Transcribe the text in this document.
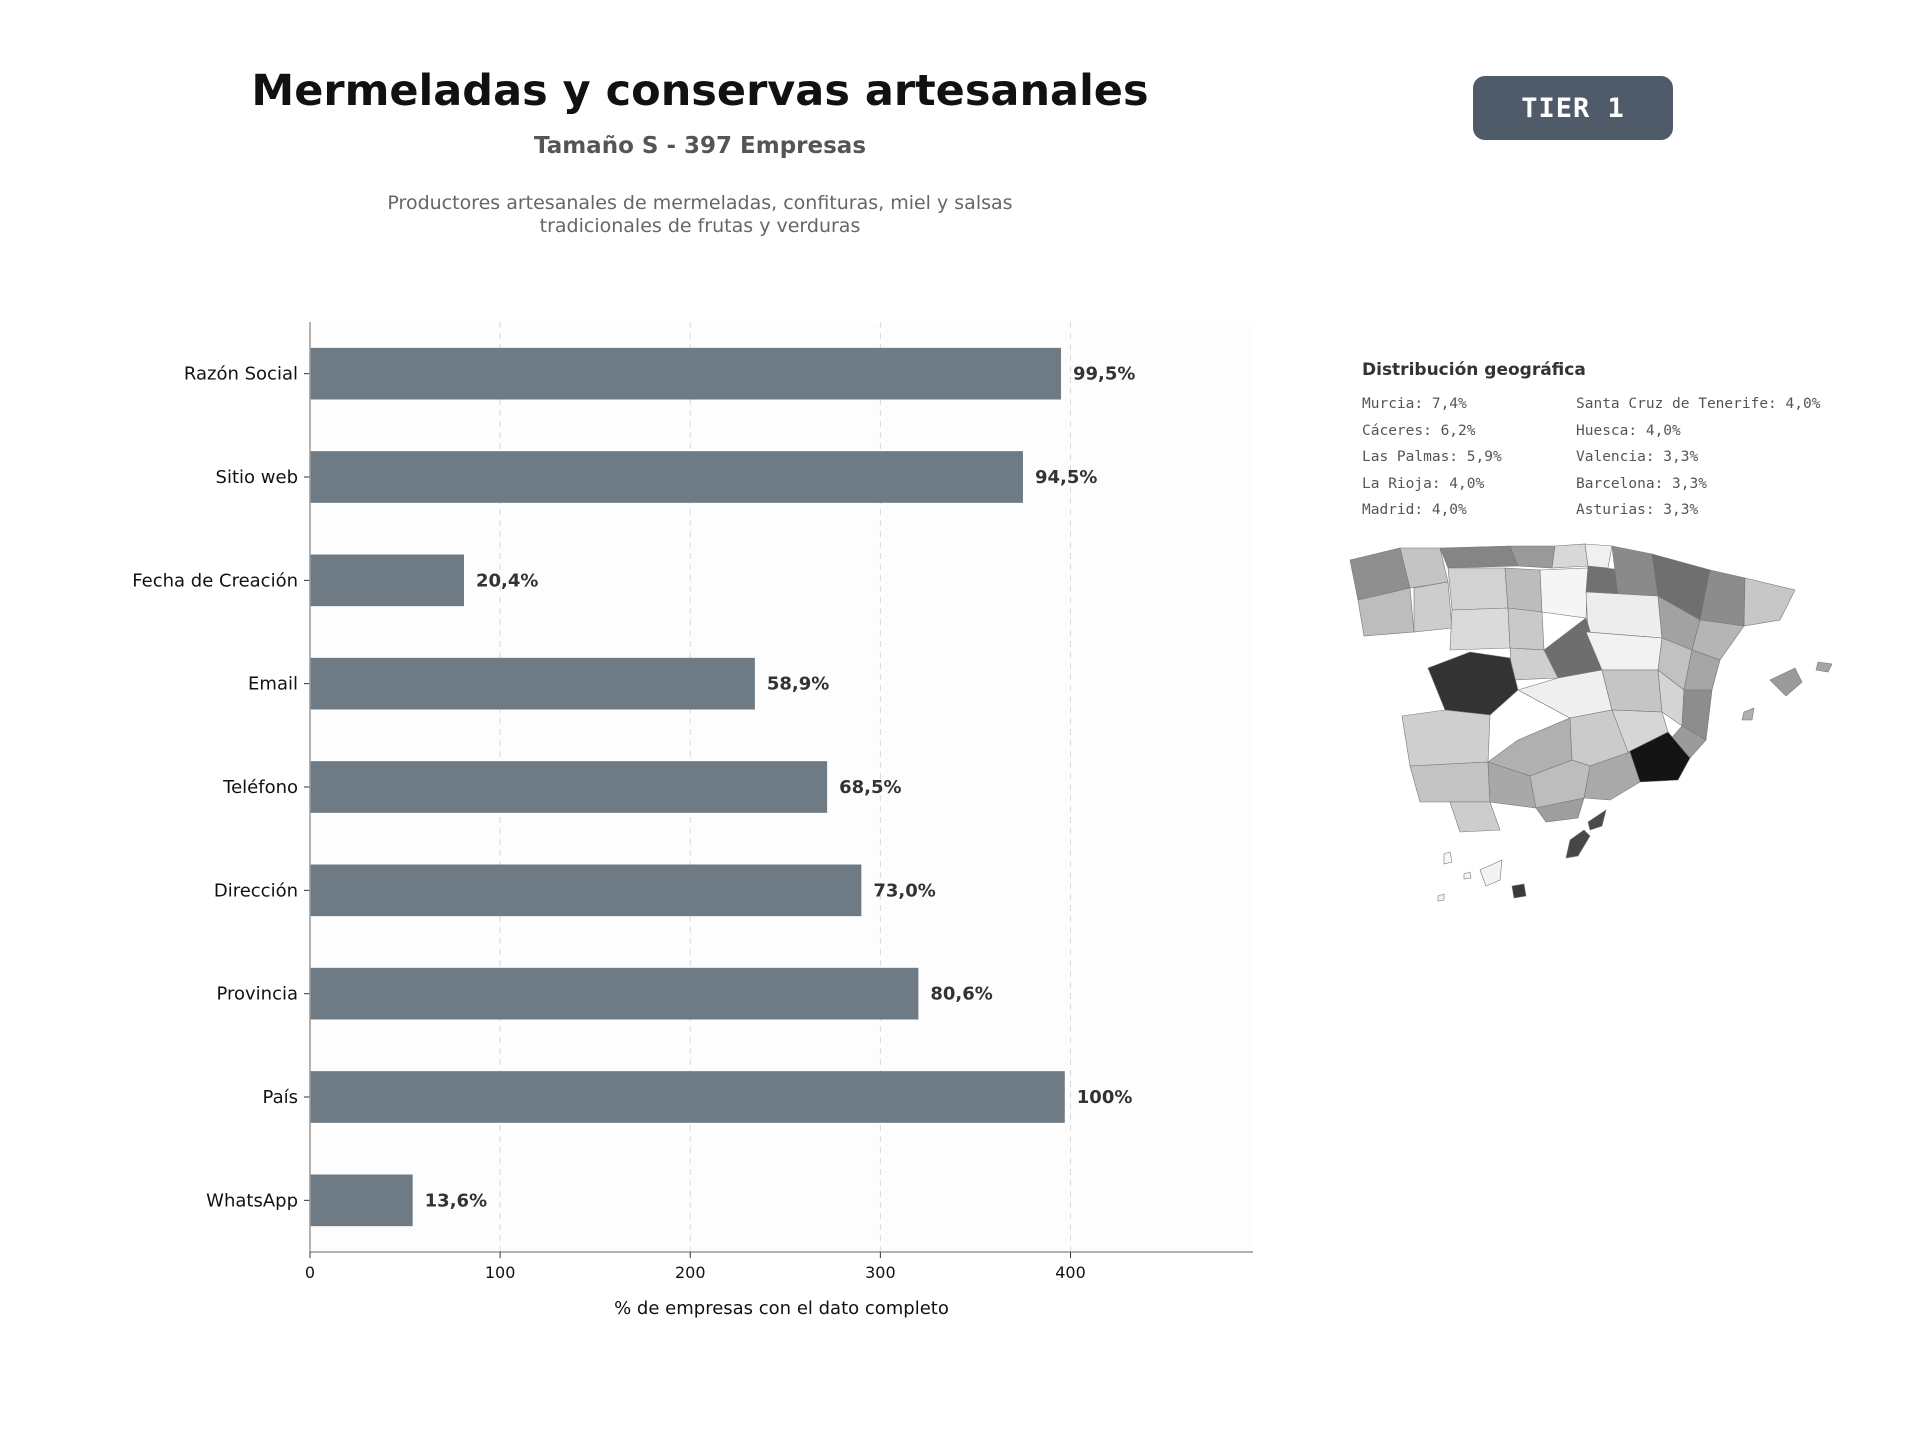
Mermeladas y conservas artesanales
Tamaño S - 397 Empresas
Productores artesanales de mermeladas, confituras, miel y salsas tradicionales de frutas y verduras
TIER 1
99,5%
Razón Social
94,5%
Sitio web
20,4%
Fecha de Creación
58,9%
Email
68,5%
Teléfono
73,0%
Dirección
80,6%
Provincia
100%
País
13,6%
WhatsApp
0	100	200	300	400
% de empresas con el dato completo
Distribución geográfica
Murcia: 7,4%	Santa Cruz de Tenerife: 4,0%
Cáceres: 6,2%	Huesca: 4,0%
Las Palmas: 5,9%	Valencia: 3,3%
La Rioja: 4,0%	Barcelona: 3,3%
Madrid: 4,0%	Asturias: 3,3%
